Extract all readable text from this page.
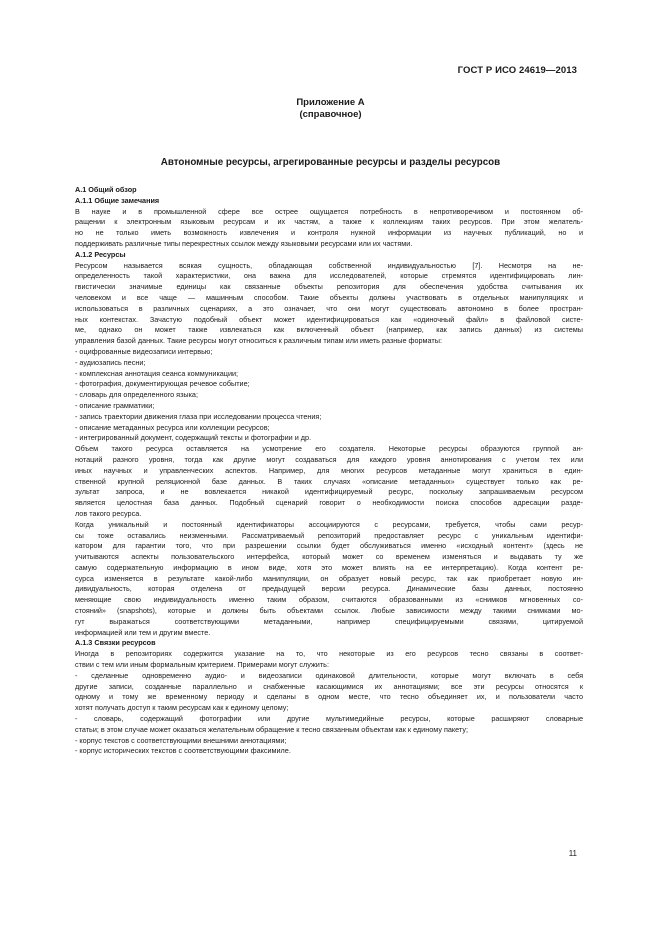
ГОСТ Р ИСО 24619—2013
Приложение А
(справочное)
Автономные ресурсы, агрегированные ресурсы и разделы ресурсов
А.1 Общий обзор
А.1.1 Общие замечания
В науке и в промышленной сфере все острее ощущается потребность в непротиворечивом и постоянном об-
ращении к электронным языковым ресурсам и их частям, а также к коллекциям таких ресурсов. При этом желатель-
но не только иметь возможность извлечения и контроля нужной информации из научных публикаций, но и
поддерживать различные типы перекрестных ссылок между языковыми ресурсами или их частями.
А.1.2 Ресурсы
Ресурсом называется всякая сущность, обладающая собственной индивидуальностью [7]. Несмотря на не-
определенность такой характеристики, она важна для исследователей, которые стремятся идентифицировать лин-
гвистически значимые единицы как связанные объекты репозитория для обеспечения удобства считывания их
человеком и все чаще — машинным способом. Такие объекты должны участвовать в отдельных манипуляциях и
использоваться в различных сценариях, а это означает, что они могут существовать автономно в более простран-
ных контекстах. Зачастую подобный объект может идентифицироваться как «одиночный файл» в файловой систе-
ме, однако он может также извлекаться как включенный объект (например, как запись данных) из системы
управления базой данных. Такие ресурсы могут относиться к различным типам или иметь разные форматы:
- оцифрованные видеозаписи интервью;
- аудиозапись песни;
- комплексная аннотация сеанса коммуникации;
- фотография, документирующая речевое событие;
- словарь для определенного языка;
- описание грамматики;
- запись траектории движения глаза при исследовании процесса чтения;
- описание метаданных ресурса или коллекции ресурсов;
- интегрированный документ, содержащий тексты и фотографии и др.
Объем такого ресурса оставляется на усмотрение его создателя. Некоторые ресурсы образуются группой ан-
нотаций разного уровня, тогда как другие могут создаваться для каждого уровня аннотирования с учетом тех или
иных научных и управленческих аспектов. Например, для многих ресурсов метаданные могут храниться в един-
ственной крупной реляционной базе данных. В таких случаях «описание метаданных» существует только как ре-
зультат запроса, и не вовлекается никакой идентифицируемый ресурс, поскольку запрашиваемым ресурсом
является целостная база данных. Подобный сценарий говорит о необходимости поиска способов адресации разде-
лов такого ресурса.
Когда уникальный и постоянный идентификаторы ассоциируются с ресурсами, требуется, чтобы сами ресур-
сы тоже оставались неизменными. Рассматриваемый репозиторий предоставляет ресурс с уникальным идентифи-
катором для гарантии того, что при разрешении ссылки будет обслуживаться именно «исходный контент» (здесь не
учитываются аспекты пользовательского интерфейса, который может со временем изменяться и выдавать ту же
самую содержательную информацию в ином виде, хотя это может влиять на ее интерпретацию). Когда контент ре-
сурса изменяется в результате какой-либо манипуляции, он образует новый ресурс, так как приобретает новую ин-
дивидуальность, которая отделена от предыдущей версии ресурса. Динамические базы данных, постоянно
меняющие свою индивидуальность именно таким образом, считаются образованными из «снимков мгновенных со-
стояний» (snapshots), которые и должны быть объектами ссылок. Любые зависимости между такими снимками мо-
гут выражаться соответствующими метаданными, например специфицируемыми связями, цитируемой
информацией или тем и другим вместе.
А.1.3 Связки ресурсов
Иногда в репозиториях содержится указание на то, что некоторые из его ресурсов тесно связаны в соответ-
ствии с тем или иным формальным критерием. Примерами могут служить:
- сделанные одновременно аудио- и видеозаписи одинаковой длительности, которые могут включать в себя
другие записи, созданные параллельно и снабженные касающимися их аннотациями; все эти ресурсы относятся к
одному и тому же временному периоду и сделаны в одном месте, что тесно объединяет их, и пользователи часто
хотят получать доступ к таким ресурсам как к единому целому;
- словарь, содержащий фотографии или другие мультимедийные ресурсы, которые расширяют словарные
статьи; в этом случае может оказаться желательным обращение к тесно связанным объектам как к единому пакету;
- корпус текстов с соответствующими внешними аннотациями;
- корпус исторических текстов с соответствующими факсимиле.
11
